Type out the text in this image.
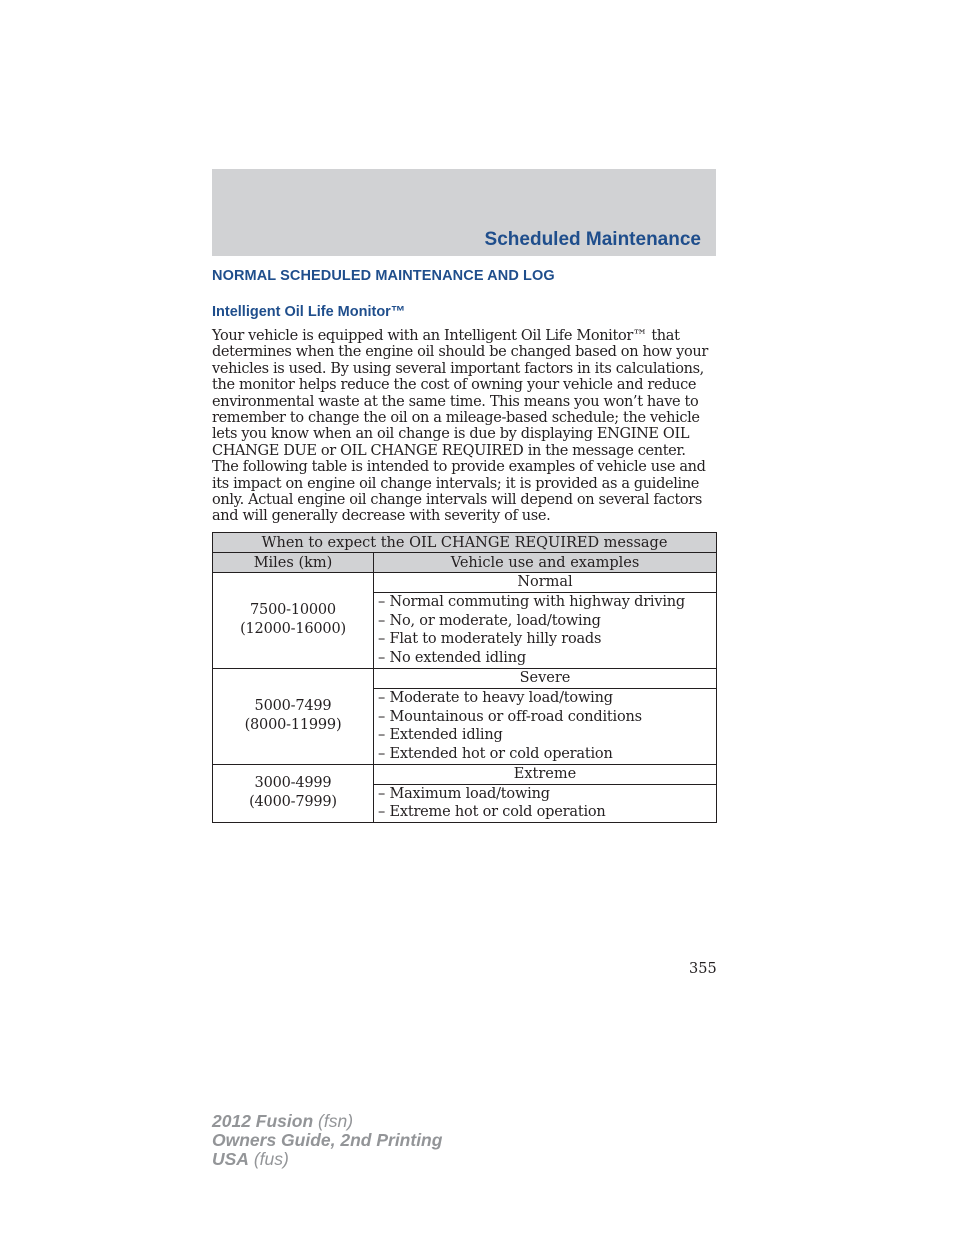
Scheduled Maintenance
NORMAL SCHEDULED MAINTENANCE AND LOG
Intelligent Oil Life Monitor™

Your vehicle is equipped with an Intelligent Oil Life Monitor™ that determines when the engine oil should be changed based on how your vehicles is used. By using several important factors in its calculations, the monitor helps reduce the cost of owning your vehicle and reduce environmental waste at the same time. This means you won’t have to remember to change the oil on a mileage-based schedule; the vehicle lets you know when an oil change is due by displaying ENGINE OIL CHANGE DUE or OIL CHANGE REQUIRED in the message center. The following table is intended to provide examples of vehicle use and its impact on engine oil change intervals; it is provided as a guideline only. Actual engine oil change intervals will depend on several factors and will generally decrease with severity of use.

When to expect the OIL CHANGE REQUIRED message	
Miles (km)	Vehicle use and examples

7500-10000
(12000-16000)	Normal

	– Normal commuting with highway driving
– No, or moderate, load/towing
– Flat to moderately hilly roads
– No extended idling

5000-7499
(8000-11999)	Severe

	– Moderate to heavy load/towing
– Mountainous or off-road conditions
– Extended idling
– Extended hot or cold operation

3000-4999
(4000-7999)	Extreme

	– Maximum load/towing
– Extreme hot or cold operation
355
2012 Fusion (fsn)
Owners Guide, 2nd Printing
USA (fus)
